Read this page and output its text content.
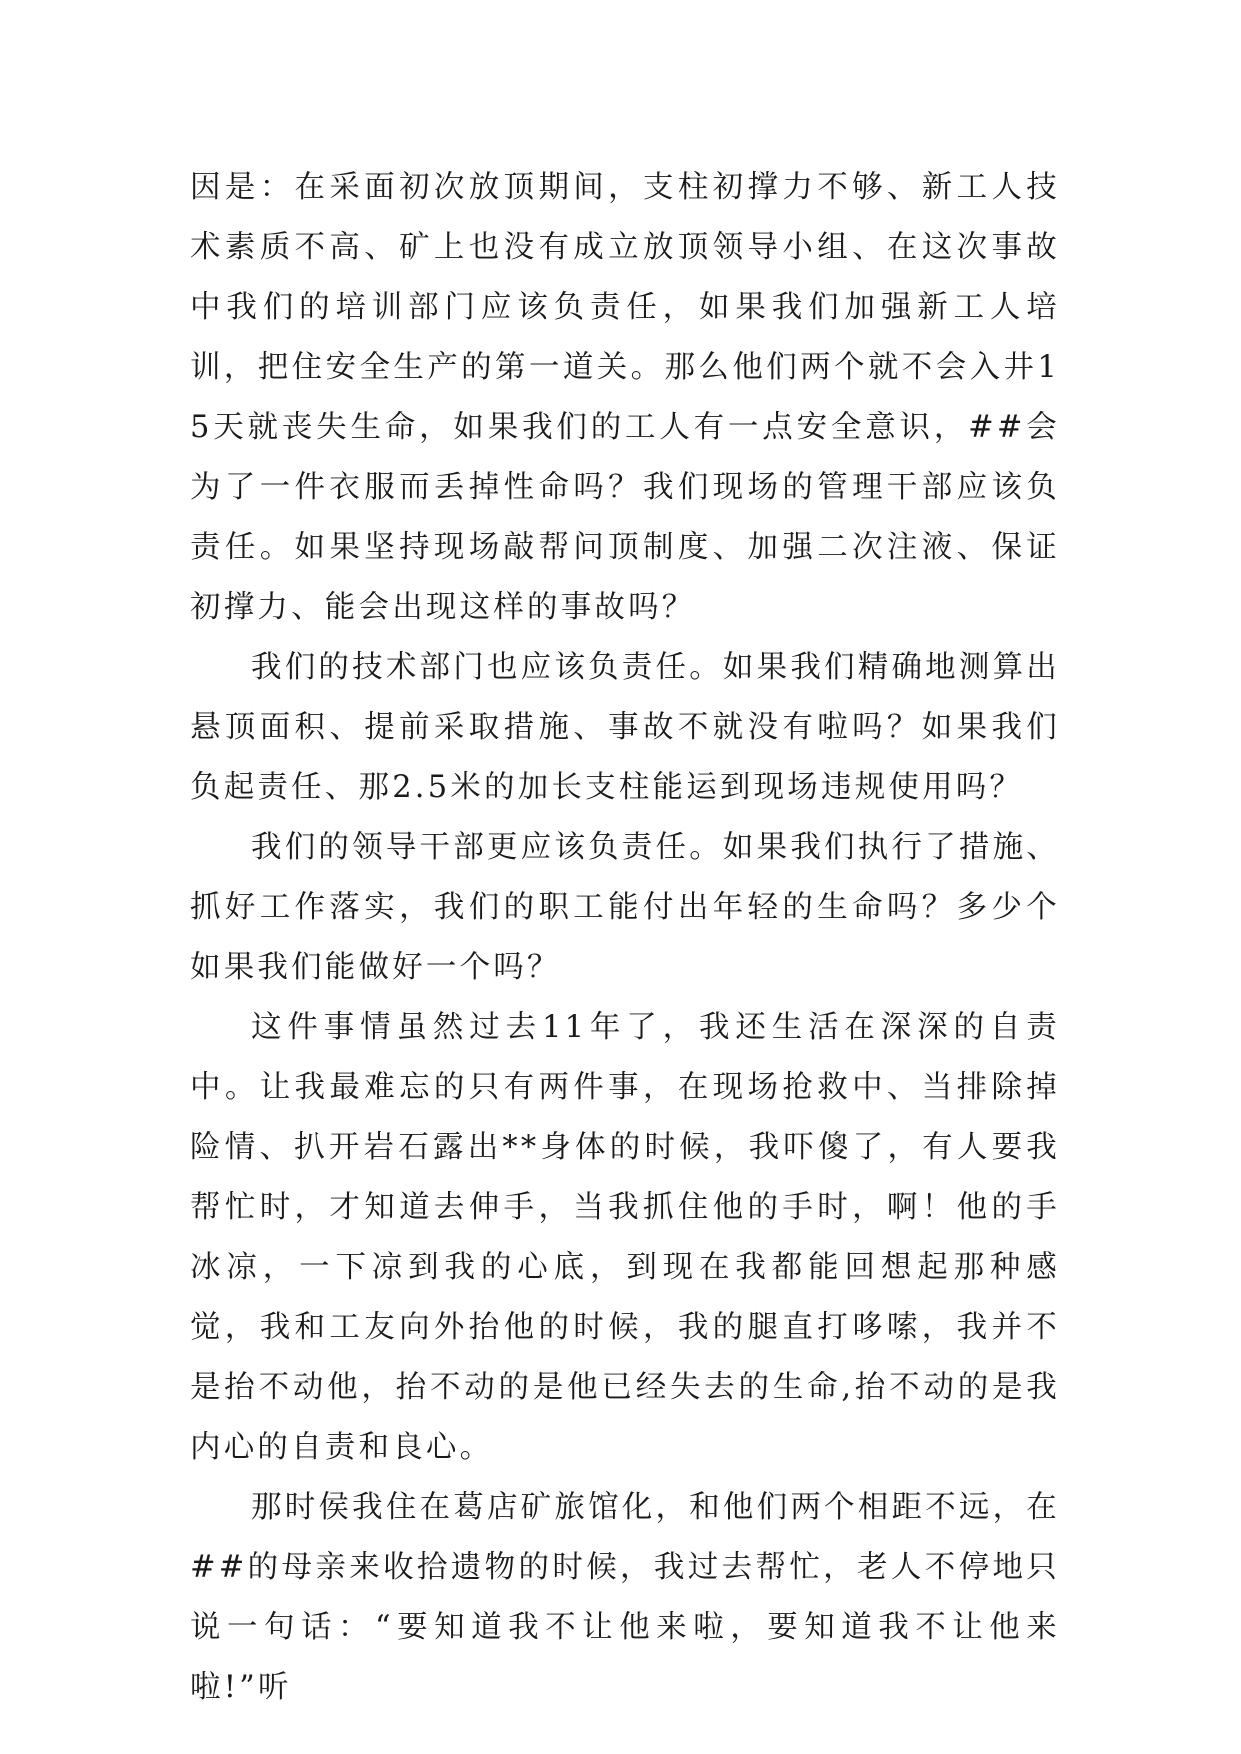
因是：在采面初次放顶期间，支柱初撑力不够、新工人技术素质不高、矿上也没有成立放顶领导小组、在这次事故中我们的培训部门应该负责任，如果我们加强新工人培训，把住安全生产的第一道关。那么他们两个就不会入井15天就丧失生命，如果我们的工人有一点安全意识，##会为了一件衣服而丢掉性命吗？我们现场的管理干部应该负责任。如果坚持现场敲帮问顶制度、加强二次注液、保证初撑力、能会出现这样的事故吗？

我们的技术部门也应该负责任。如果我们精确地测算出悬顶面积、提前采取措施、事故不就没有啦吗？如果我们负起责任、那2.5米的加长支柱能运到现场违规使用吗？

我们的领导干部更应该负责任。如果我们执行了措施、抓好工作落实，我们的职工能付出年轻的生命吗？多少个如果我们能做好一个吗？

这件事情虽然过去11年了，我还生活在深深的自责中。让我最难忘的只有两件事，在现场抢救中、当排除掉险情、扒开岩石露出**身体的时候，我吓傻了，有人要我帮忙时，才知道去伸手，当我抓住他的手时，啊！他的手冰凉，一下凉到我的心底，到现在我都能回想起那种感觉，我和工友向外抬他的时候，我的腿直打哆嗦，我并不是抬不动他，抬不动的是他已经失去的生命,抬不动的是我内心的自责和良心。

那时侯我住在葛店矿旅馆化，和他们两个相距不远，在##的母亲来收拾遗物的时候，我过去帮忙，老人不停地只说一句话：“要知道我不让他来啦，要知道我不让他来啦!”听
